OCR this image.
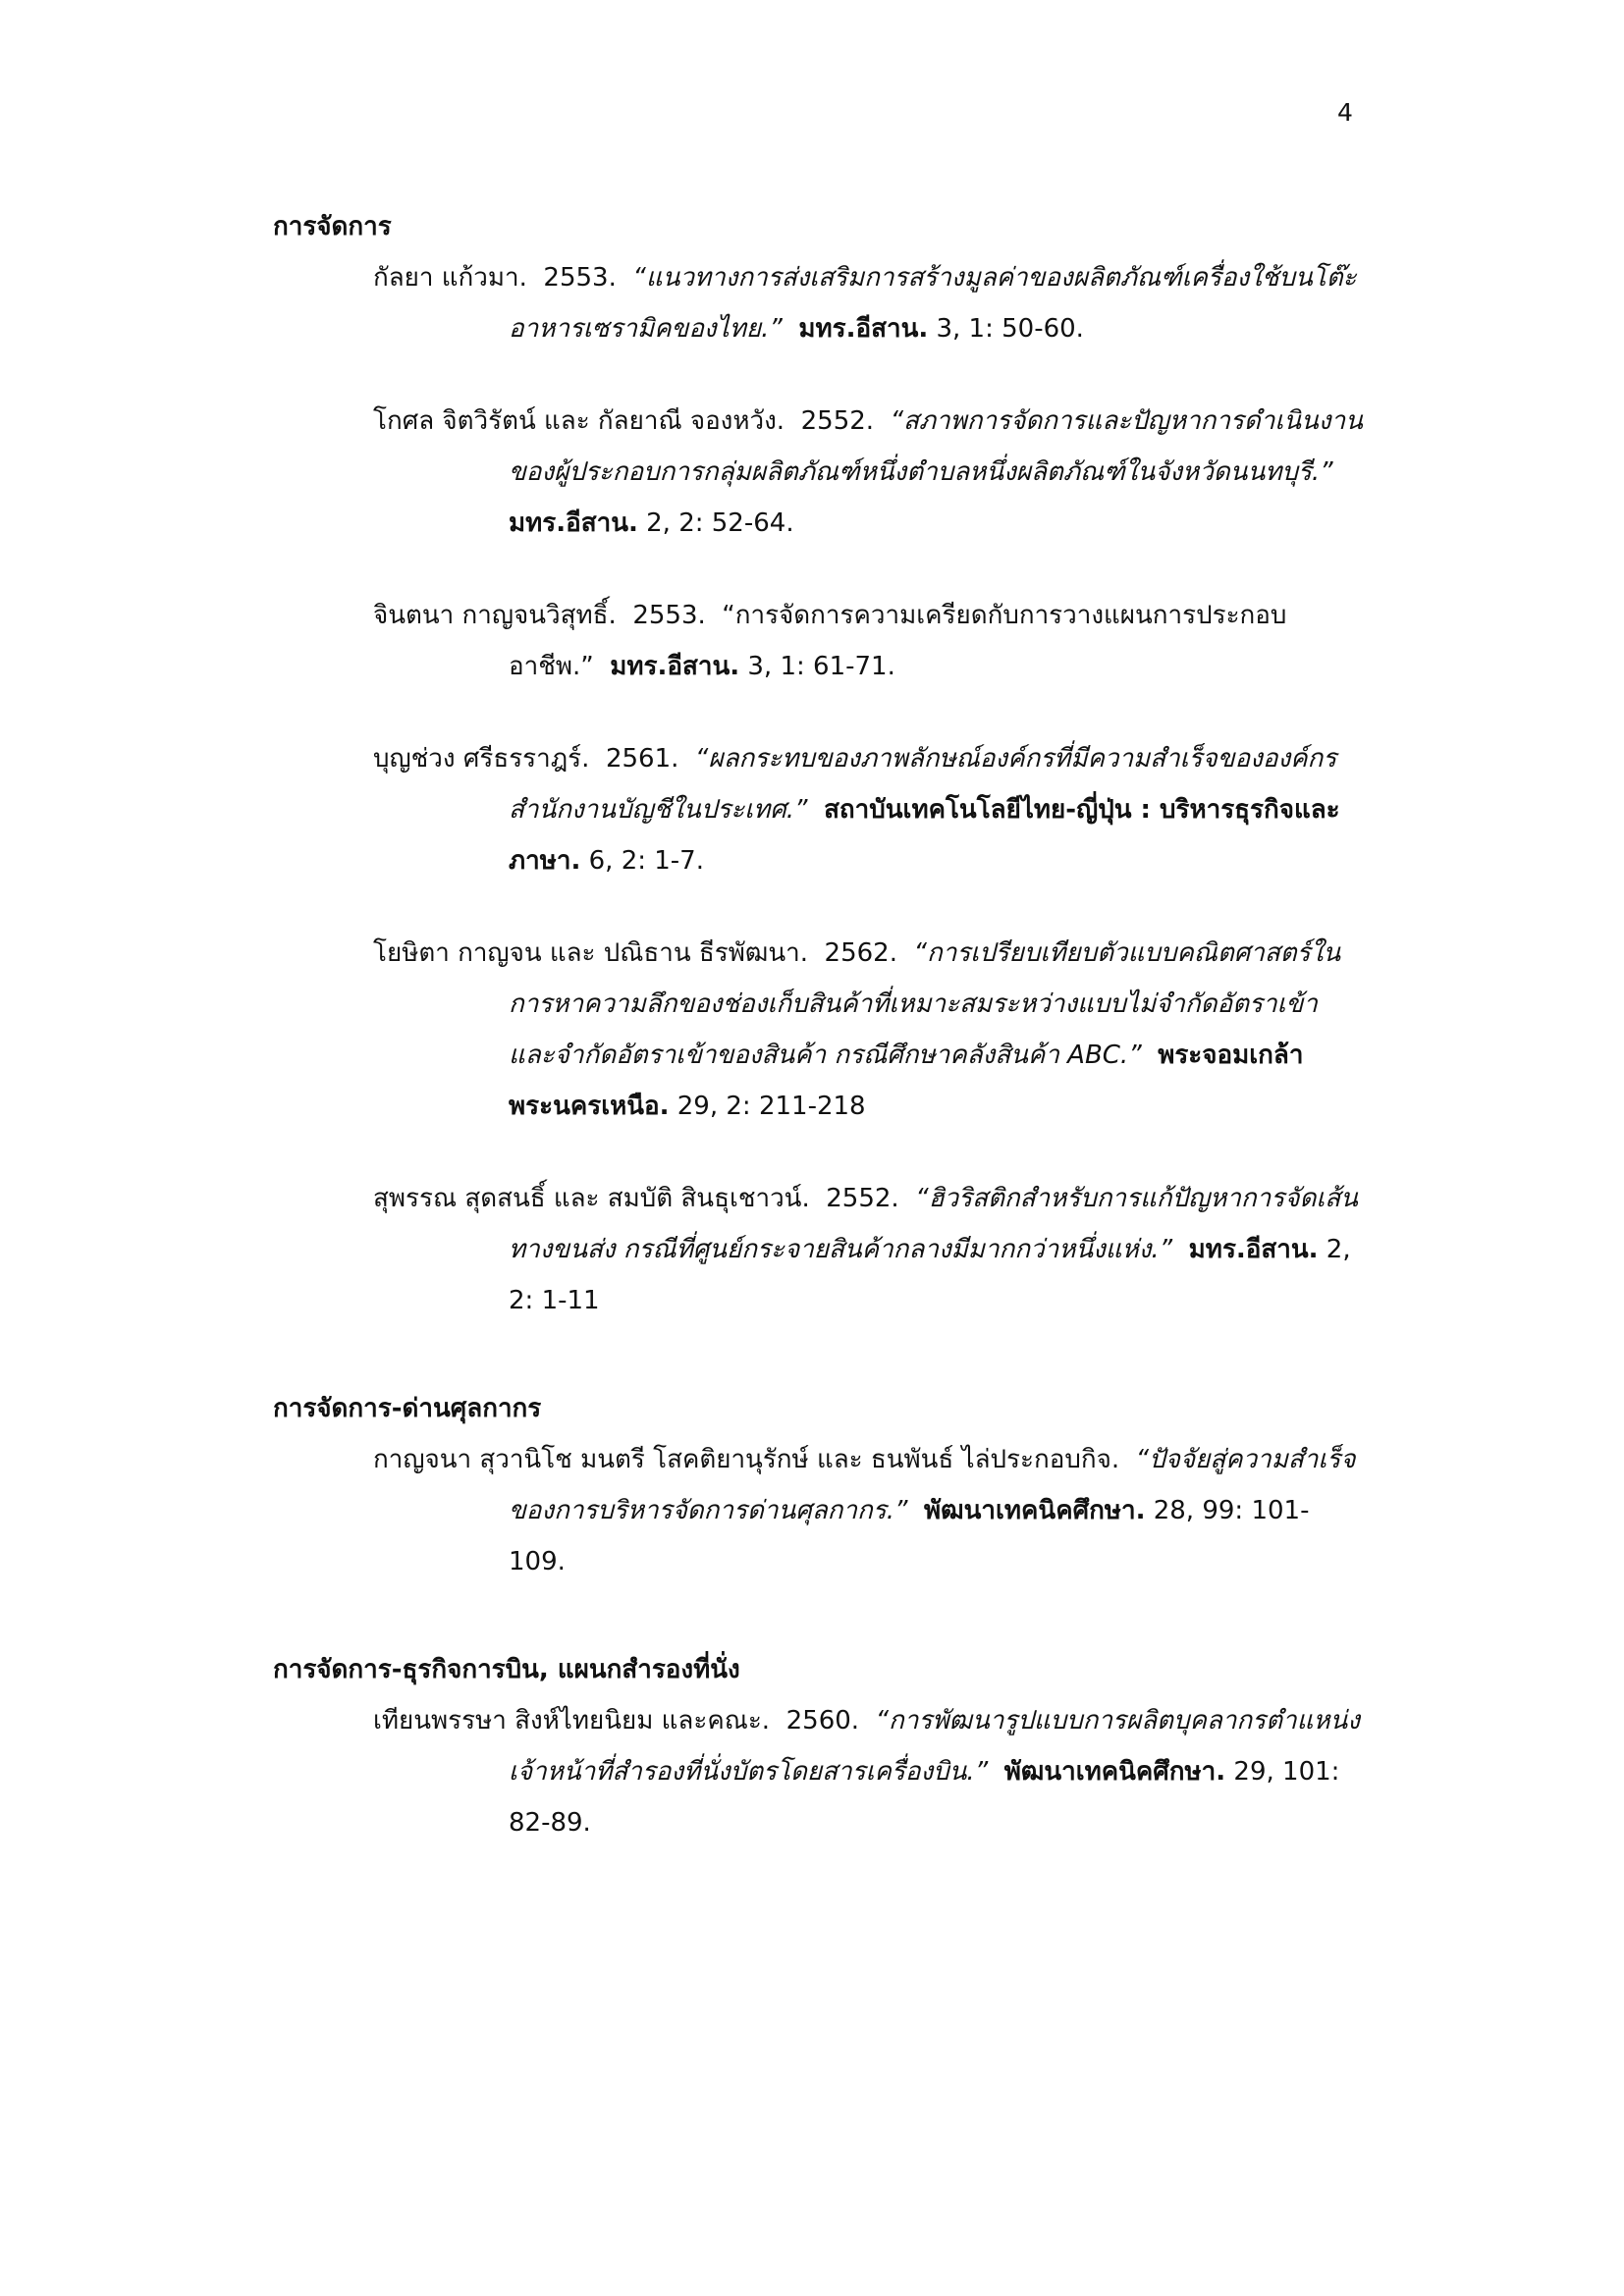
4

การจัดการ

กัลยา แก้วมา. 2553. “แนวทางการส่งเสริมการสร้างมูลค่าของผลิตภัณฑ์เครื่องใช้บนโต๊ะอาหารเซรามิคของไทย.” มทร.อีสาน. 3, 1: 50-60.

โกศล จิตวิรัตน์ และ กัลยาณี จองหวัง. 2552. “สภาพการจัดการและปัญหาการดำเนินงานของผู้ประกอบการกลุ่มผลิตภัณฑ์หนึ่งตำบลหนึ่งผลิตภัณฑ์ในจังหวัดนนทบุรี.”  มทร.อีสาน. 2, 2: 52-64.

จินตนา กาญจนวิสุทธิ์. 2553. “การจัดการความเครียดกับการวางแผนการประกอบอาชีพ.” มทร.อีสาน. 3, 1: 61-71.

บุญช่วง ศรีธรราฎร์. 2561. “ผลกระทบของภาพลักษณ์องค์กรที่มีความสำเร็จขององค์กรสำนักงานบัญชีในประเทศ.” สถาบันเทคโนโลยีไทย-ญี่ปุ่น : บริหารธุรกิจและภาษา. 6, 2: 1-7.

โยษิตา กาญจน และ ปณิธาน ธีรพัฒนา. 2562. “การเปรียบเทียบตัวแบบคณิตศาสตร์ในการหาความลึกของช่องเก็บสินค้าที่เหมาะสมระหว่างแบบไม่จำกัดอัตราเข้าและจำกัดอัตราเข้าของสินค้า กรณีศึกษาคลังสินค้า ABC.” พระจอมเกล้าพระนครเหนือ. 29, 2: 211-218

สุพรรณ สุดสนธิ์ และ สมบัติ สินธุเชาวน์. 2552. “ฮิวริสติกสำหรับการแก้ปัญหาการจัดเส้นทางขนส่ง กรณีที่ศูนย์กระจายสินค้ากลางมีมากกว่าหนึ่งแห่ง.” มทร.อีสาน. 2, 2: 1-11

การจัดการ-ด่านศุลกากร

กาญจนา สุวานิโช มนตรี โสคติยานุรักษ์ และ ธนพันธ์ ไล่ประกอบกิจ. “ปัจจัยสู่ความสำเร็จของการบริหารจัดการด่านศุลกากร.” พัฒนาเทคนิคศึกษา. 28, 99: 101-109.

การจัดการ-ธุรกิจการบิน, แผนกสำรองที่นั่ง

เทียนพรรษา สิงห์ไทยนิยม และคณะ. 2560. “การพัฒนารูปแบบการผลิตบุคลากรตำแหน่งเจ้าหน้าที่สำรองที่นั่งบัตรโดยสารเครื่องบิน.” พัฒนาเทคนิคศึกษา. 29, 101: 82-89.
